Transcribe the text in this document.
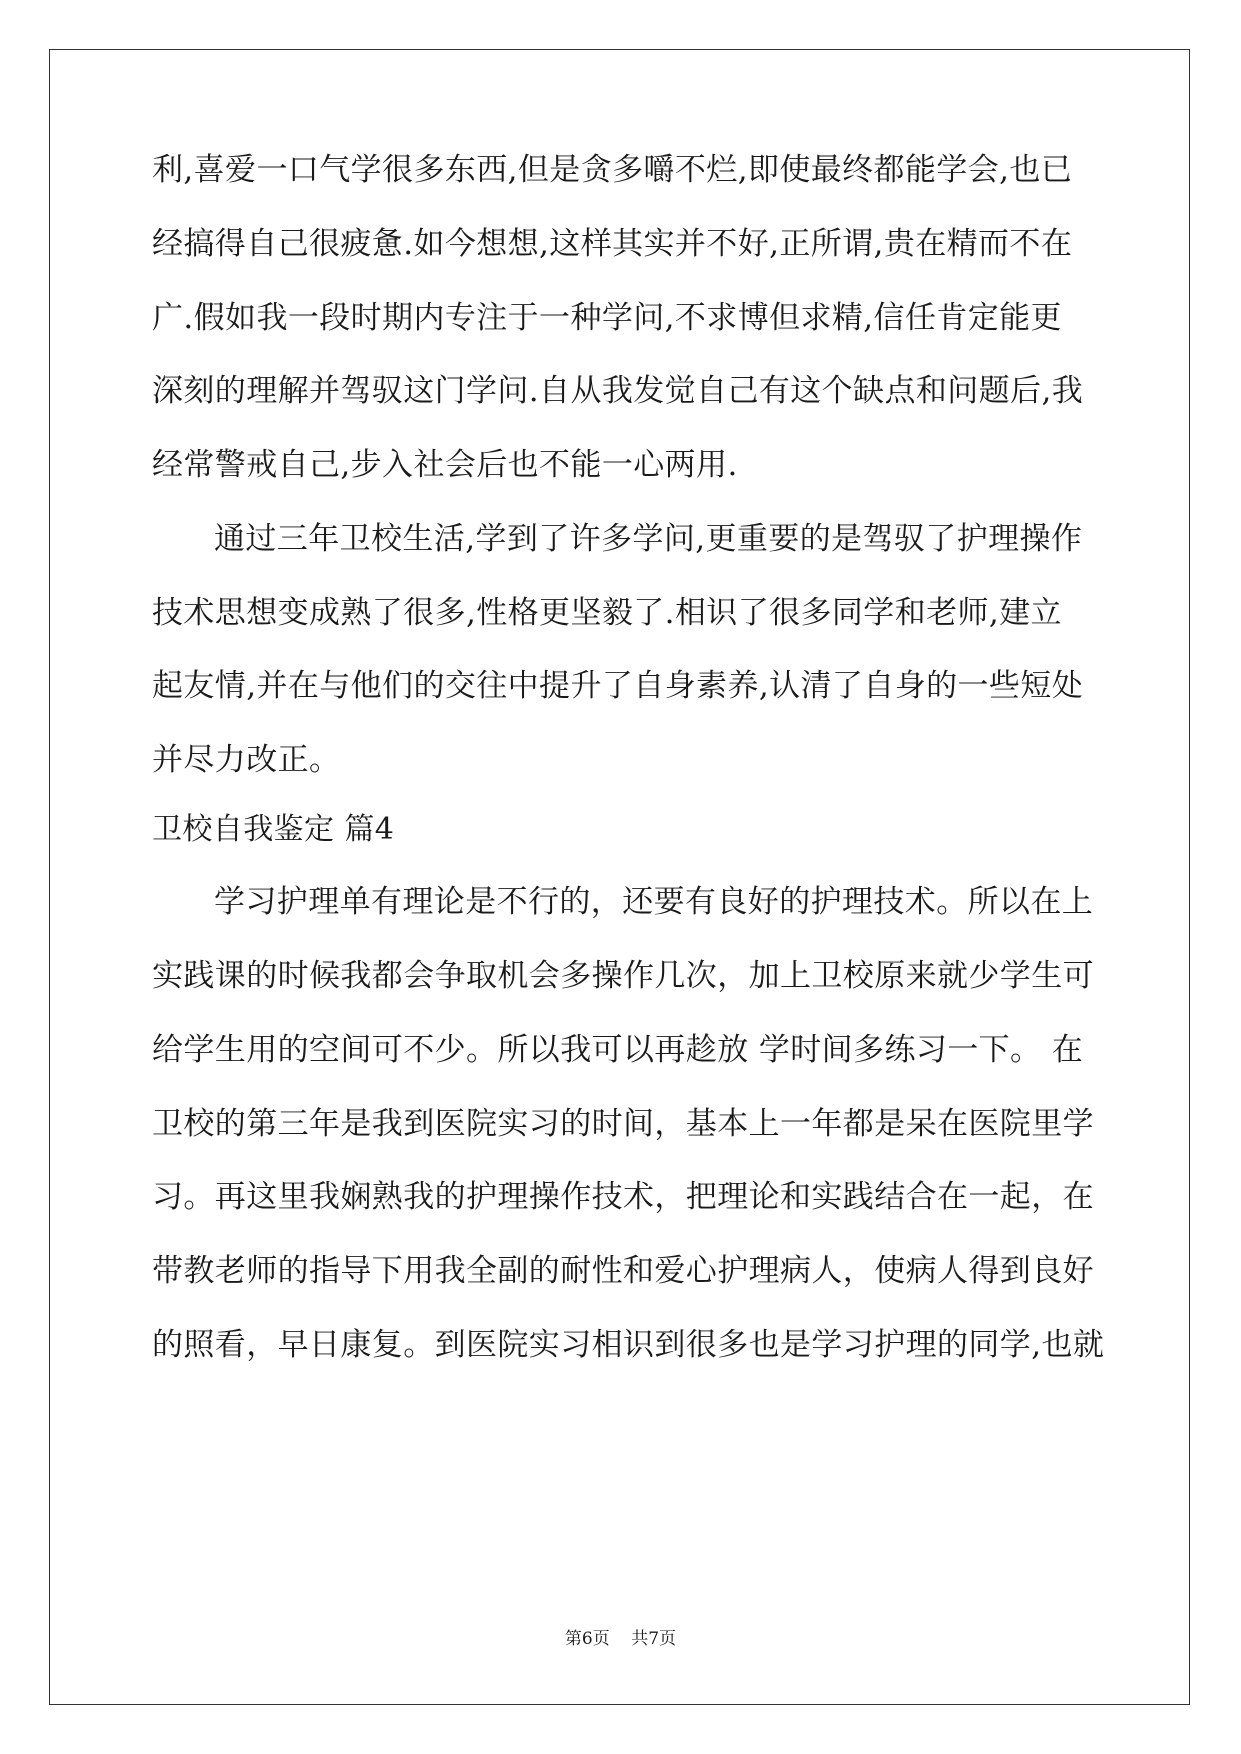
利,喜爱一口气学很多东西,但是贪多嚼不烂,即使最终都能学会,也已
经搞得自己很疲惫.如今想想,这样其实并不好,正所谓,贵在精而不在
广.假如我一段时期内专注于一种学问,不求博但求精,信任肯定能更
深刻的理解并驾驭这门学问.自从我发觉自己有这个缺点和问题后,我
经常警戒自己,步入社会后也不能一心两用.
通过三年卫校生活,学到了许多学问,更重要的是驾驭了护理操作
技术思想变成熟了很多,性格更坚毅了.相识了很多同学和老师,建立
起友情,并在与他们的交往中提升了自身素养,认清了自身的一些短处
并尽力改正。
卫校自我鉴定 篇4
学习护理单有理论是不行的，还要有良好的护理技术。所以在上
实践课的时候我都会争取机会多操作几次，加上卫校原来就少学生可
给学生用的空间可不少。所以我可以再趁放 学时间多练习一下。 在
卫校的第三年是我到医院实习的时间，基本上一年都是呆在医院里学
习。再这里我娴熟我的护理操作技术，把理论和实践结合在一起，在
带教老师的指导下用我全副的耐性和爱心护理病人，使病人得到良好
的照看，早日康复。到医院实习相识到很多也是学习护理的同学,也就
第6页    共7页
